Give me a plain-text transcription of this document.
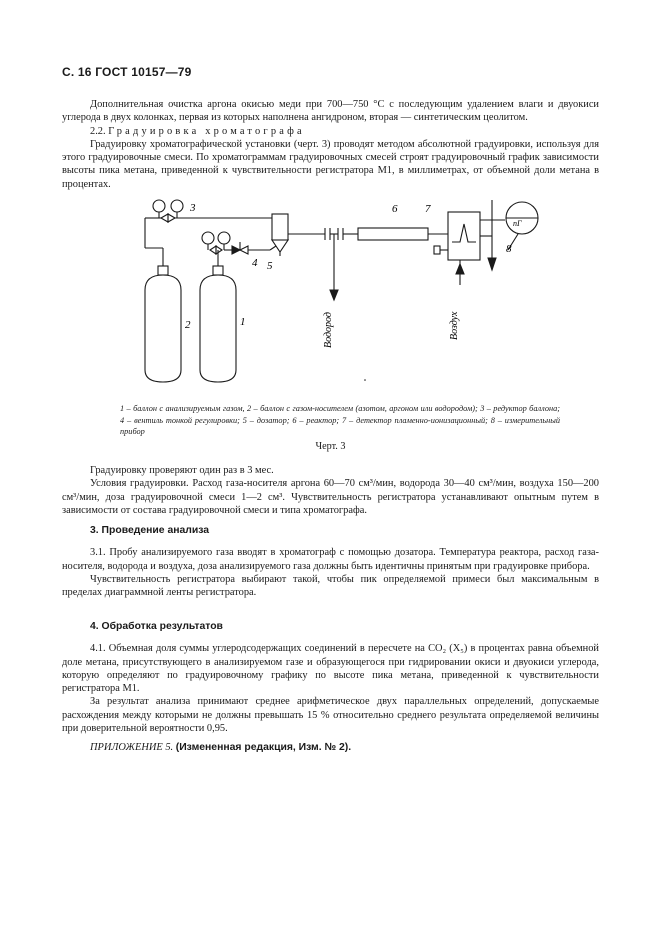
С. 16 ГОСТ 10157—79

Дополнительная очистка аргона окисью меди при 700—750 °С с последующим удалением влаги и двуокиси углерода в двух колонках, первая из которых наполнена ангидроном, вторая — синтетическим цеолитом.

2.2. Градуировка хроматографа

Градуировку хроматографической установки (черт. 3) проводят методом абсолютной градуировки, используя для этого градуировочные смеси. По хроматограммам градуировочных смесей строят градуировочный график зависимости высоты пика метана, приведенной к чувствительности регистратора М1, в миллиметрах, от объемной доли метана в процентах.

3
4 5
6	7
8
2	1
пГ
Водород	Воздух
1 – баллон с анализируемым газом, 2 – баллон с газом-носителем (азотом, аргоном или водородом); 3 – редуктор баллона; 4 – вентиль тонкой регулировки; 5 – дозатор; 6 – реактор; 7 – детектор пламенно-ионизационный; 8 – измерительный прибор
Черт. 3

Градуировку проверяют один раз в 3 мес.

Условия градуировки. Расход газа-носителя аргона 60—70 см³/мин, водорода 30—40 см³/мин, воздуха 150—200 см³/мин, доза градуировочной смеси 1—2 см³. Чувствительность регистратора устанавливают опытным путем в зависимости от состава градуировочной смеси и типа хроматографа.

3. Проведение анализа

3.1. Пробу анализируемого газа вводят в хроматограф с помощью дозатора. Температура реактора, расход газа-носителя, водорода и воздуха, доза анализируемого газа должны быть идентичны принятым при градуировке прибора.

Чувствительность регистратора выбирают такой, чтобы пик определяемой примеси был максимальным в пределах диаграммной ленты регистратора.

4. Обработка результатов

4.1. Объемная доля суммы углеродсодержащих соединений в пересчете на СО₂ (X₅) в процентах равна объемной доле метана, присутствующего в анализируемом газе и образующегося при гидрировании окиси и двуокиси углерода, которую определяют по градуировочному графику по высоте пика метана, приведенной к чувствительности регистратора М1.

За результат анализа принимают среднее арифметическое двух параллельных определений, допускаемые расхождения между которыми не должны превышать 15 % относительно среднего результата определяемой величины при доверительной вероятности 0,95.

ПРИЛОЖЕНИЕ 5. (Измененная редакция, Изм. № 2).
